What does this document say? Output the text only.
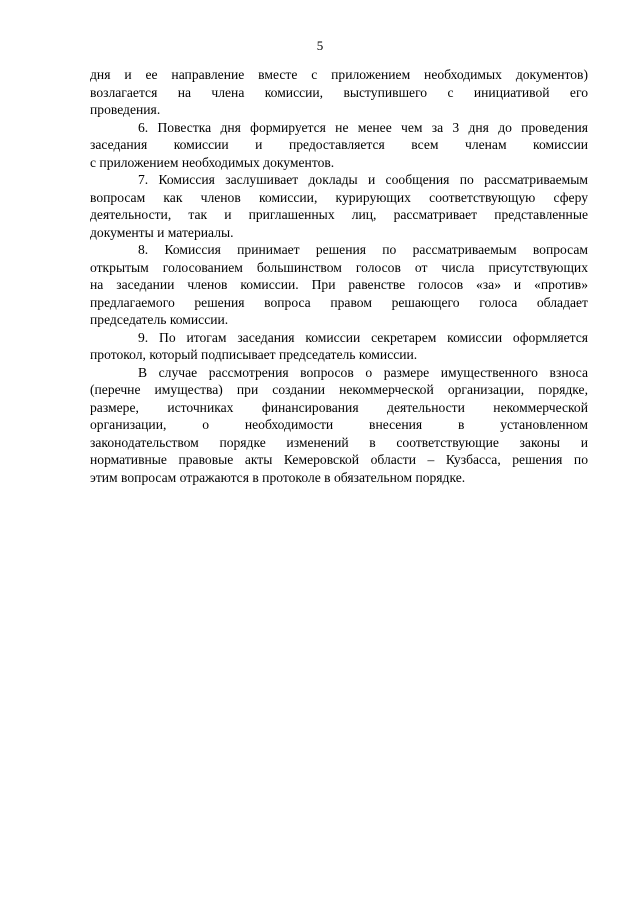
5
дня и ее направление вместе с приложением необходимых документов)
возлагается на члена комиссии, выступившего с инициативой его
проведения.
6. Повестка дня формируется не менее чем за 3 дня до проведения
заседания комиссии и предоставляется всем членам комиссии
с приложением необходимых документов.
7. Комиссия заслушивает доклады и сообщения по рассматриваемым
вопросам как членов комиссии, курирующих соответствующую сферу
деятельности, так и приглашенных лиц, рассматривает представленные
документы и материалы.
8. Комиссия принимает решения по рассматриваемым вопросам
открытым голосованием большинством голосов от числа присутствующих
на заседании членов комиссии. При равенстве голосов «за» и «против»
предлагаемого решения вопроса правом решающего голоса обладает
председатель комиссии.
9. По итогам заседания комиссии секретарем комиссии оформляется
протокол, который подписывает председатель комиссии.
В случае рассмотрения вопросов о размере имущественного взноса
(перечне имущества) при создании некоммерческой организации, порядке,
размере, источниках финансирования деятельности некоммерческой
организации, о необходимости внесения в установленном
законодательством порядке изменений в соответствующие законы и
нормативные правовые акты Кемеровской области – Кузбасса, решения по
этим вопросам отражаются в протоколе в обязательном порядке.
